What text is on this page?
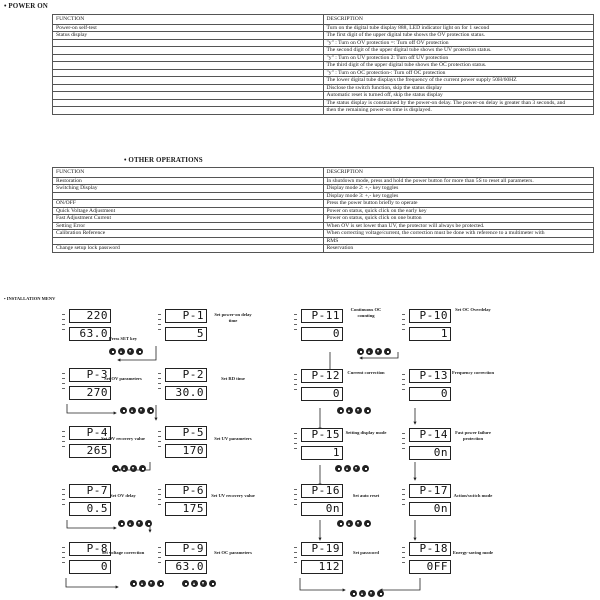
• POWER ON
FUNCTION	DESCRIPTION
Power-on self-test	Turn on the digital tube display 888, LED indicator light on for 1 second
Status display	The first digit of the upper digital tube shows the OV protection status.
	"y" : Turn on OV protection =: Turn off OV protection
	The second digit of the upper digital tube shows the UV protection status.
	"y" : Turn on UV protection 2: Turn off UV protection
	The third digit of the upper digital tube shows the OC protection status.
	"y" : Turn on OC protection-: Turn off OC protection
	The lower digital tube displays the frequency of the current power supply 50H/60HZ
	Disclose the switch function, skip the status display
	Automatic reset is turned off, skip the status display
	The status display is constrained by the power-on delay. The power-on delay is greater than 3 seconds, and
	then the remaining power-on time is displayed.
• OTHER OPERATIONS
FUNCTION	DESCRIPTION
Restoration	In shutdown mode, press and hold the power button for more than 5S to reset all parameters.
Switching Display	Display mode 2: +,- key toggles
	Display mode 3: +,- key toggles
ON/OFF	Press the power button briefly to operate
Quick Voltage Adjustment	Power on status, quick click on the early key
Fast Adjustment Current	Power on status, quick click on one button
Setting Error	When OV is set lower than UV, the protector will always be protected.
Calibration Reference	When correcting voltage/current, the correction must be done with reference to a multimeter with
	RMS
Change setup lock password	Reservation
• INSTALLATION MENV
220
63.0
P-1
5
P-3
270
P-2
30.0
P-4
265
P-5
170
P-7
0.5
P-6
175
P-8
0
P-9
63.0
P-11
0
P-10
1
P-12
0
P-13
0
P-15
1
P-14
0n
P-16
0n
P-17
0n
P-19
112
P-18
0FF
Press SET key
Set power-on delay time
Set OV parameters	Set RD time
Set OV recovery value	Set UV parameters
Set OV delay	Set UV recovery value
Set voltage correction	Set OC parameters
Continuous OC counting
Set OC Overdelay
Current correction	Frequency correction
Setting display mode	Fast power failure protection
Set auto reset	Action/switch mode
Set password	Energy-saving mode
